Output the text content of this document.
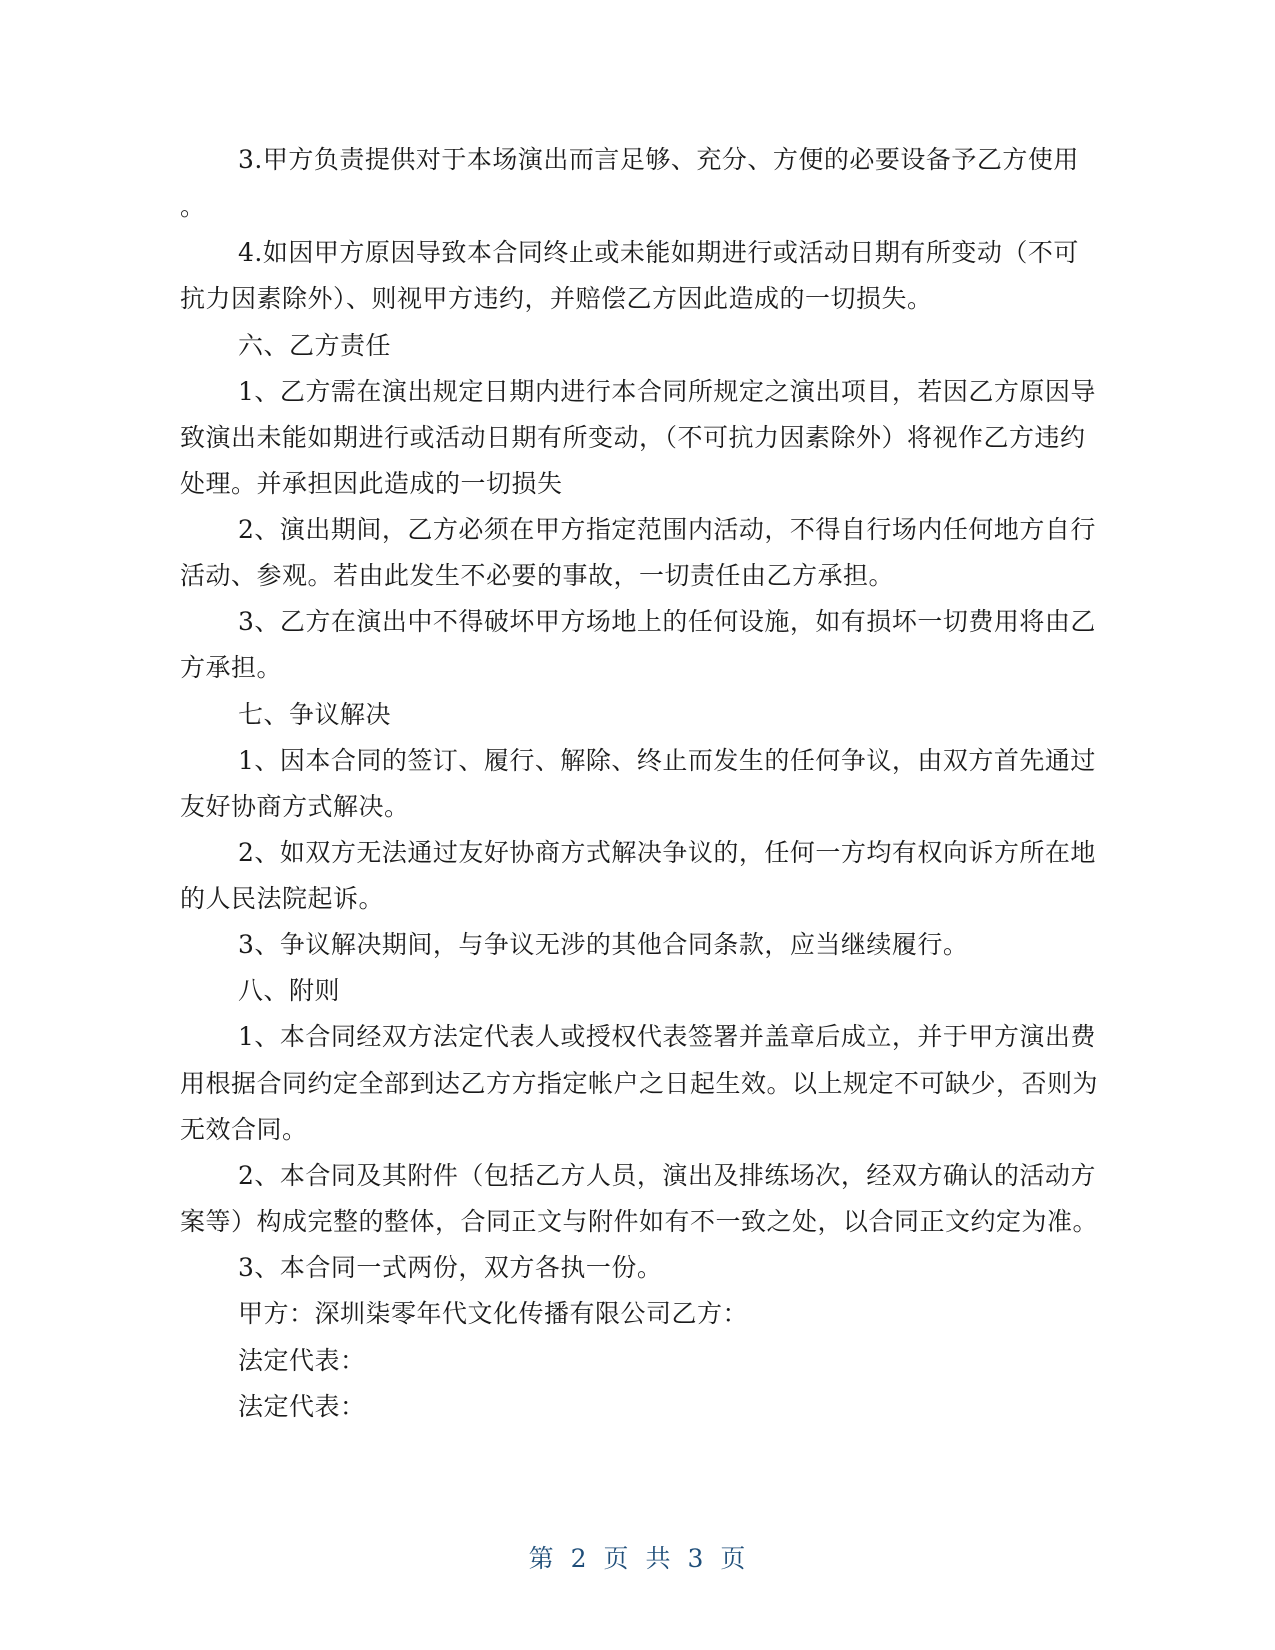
3.甲方负责提供对于本场演出而言足够、充分、方便的必要设备予乙方使用
。
4.如因甲方原因导致本合同终止或未能如期进行或活动日期有所变动（不可
抗力因素除外）、则视甲方违约，并赔偿乙方因此造成的一切损失。
六、乙方责任
1、乙方需在演出规定日期内进行本合同所规定之演出项目，若因乙方原因导
致演出未能如期进行或活动日期有所变动，（不可抗力因素除外）将视作乙方违约
处理。并承担因此造成的一切损失
2、演出期间，乙方必须在甲方指定范围内活动，不得自行场内任何地方自行
活动、参观。若由此发生不必要的事故，一切责任由乙方承担。
3、乙方在演出中不得破坏甲方场地上的任何设施，如有损坏一切费用将由乙
方承担。
七、争议解决
1、因本合同的签订、履行、解除、终止而发生的任何争议，由双方首先通过
友好协商方式解决。
2、如双方无法通过友好协商方式解决争议的，任何一方均有权向诉方所在地
的人民法院起诉。
3、争议解决期间，与争议无涉的其他合同条款，应当继续履行。
八、附则
1、本合同经双方法定代表人或授权代表签署并盖章后成立，并于甲方演出费
用根据合同约定全部到达乙方方指定帐户之日起生效。以上规定不可缺少，否则为
无效合同。
2、本合同及其附件（包括乙方人员，演出及排练场次，经双方确认的活动方
案等）构成完整的整体，合同正文与附件如有不一致之处，以合同正文约定为准。
3、本合同一式两份，双方各执一份。
甲方：深圳柒零年代文化传播有限公司乙方：
法定代表：
法定代表：
第 2 页 共 3 页
